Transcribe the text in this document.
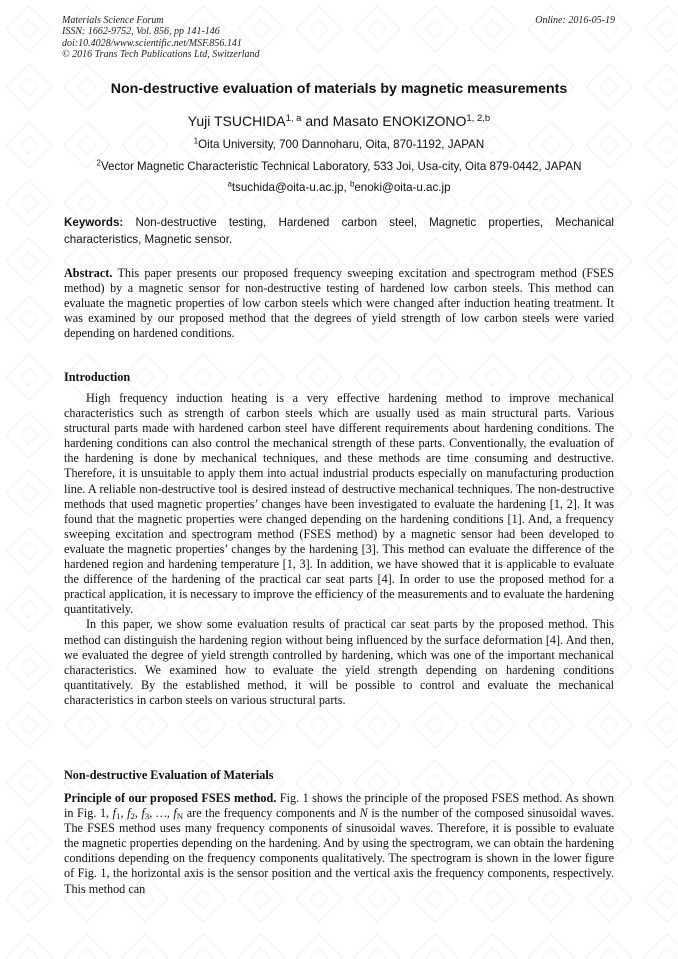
Materials Science Forum
ISSN: 1662-9752, Vol. 856, pp 141-146
doi:10.4028/www.scientific.net/MSF.856.141
© 2016 Trans Tech Publications Ltd, Switzerland
Online: 2016-05-19
Non-destructive evaluation of materials by magnetic measurements
Yuji TSUCHIDA$^{1, a}$ and Masato ENOKIZONO$^{1, 2,b}$
$^1$Oita University, 700 Dannoharu, Oita, 870-1192, JAPAN
$^2$Vector Magnetic Characteristic Technical Laboratory, 533 Joi, Usa-city, Oita 879-0442, JAPAN
$^a$tsuchida@oita-u.ac.jp, $^b$enoki@oita-u.ac.jp
Keywords: Non-destructive testing, Hardened carbon steel, Magnetic properties, Mechanical characteristics, Magnetic sensor.

Abstract. This paper presents our proposed frequency sweeping excitation and spectrogram method (FSES method) by a magnetic sensor for non-destructive testing of hardened low carbon steels. This method can evaluate the magnetic properties of low carbon steels which were changed after induction heating treatment. It was examined by our proposed method that the degrees of yield strength of low carbon steels were varied depending on hardened conditions.

Introduction

High frequency induction heating is a very effective hardening method to improve mechanical characteristics such as strength of carbon steels which are usually used as main structural parts. Various structural parts made with hardened carbon steel have different requirements about hardening conditions. The hardening conditions can also control the mechanical strength of these parts. Conventionally, the evaluation of the hardening is done by mechanical techniques, and these methods are time consuming and destructive. Therefore, it is unsuitable to apply them into actual industrial products especially on manufacturing production line. A reliable non-destructive tool is desired instead of destructive mechanical techniques. The non-destructive methods that used magnetic properties’ changes have been investigated to evaluate the hardening [1, 2]. It was found that the magnetic properties were changed depending on the hardening conditions [1]. And, a frequency sweeping excitation and spectrogram method (FSES method) by a magnetic sensor had been developed to evaluate the magnetic properties’ changes by the hardening [3]. This method can evaluate the difference of the hardened region and hardening temperature [1, 3]. In addition, we have showed that it is applicable to evaluate the difference of the hardening of the practical car seat parts [4]. In order to use the proposed method for a practical application, it is necessary to improve the efficiency of the measurements and to evaluate the hardening quantitatively.

In this paper, we show some evaluation results of practical car seat parts by the proposed method. This method can distinguish the hardening region without being influenced by the surface deformation [4]. And then, we evaluated the degree of yield strength controlled by hardening, which was one of the important mechanical characteristics. We examined how to evaluate the yield strength depending on hardening conditions quantitatively. By the established method, it will be possible to control and evaluate the mechanical characteristics in carbon steels on various structural parts.

Non-destructive Evaluation of Materials

Principle of our proposed FSES method. Fig. 1 shows the principle of the proposed FSES method. As shown in Fig. 1, $f_1$, $f_2$, $f_3$, …, $f_N$ are the frequency components and N is the number of the composed sinusoidal waves. The FSES method uses many frequency components of sinusoidal waves. Therefore, it is possible to evaluate the magnetic properties depending on the hardening. And by using the spectrogram, we can obtain the hardening conditions depending on the frequency components qualitatively. The spectrogram is shown in the lower figure of Fig. 1, the horizontal axis is the sensor position and the vertical axis the frequency components, respectively. This method can
